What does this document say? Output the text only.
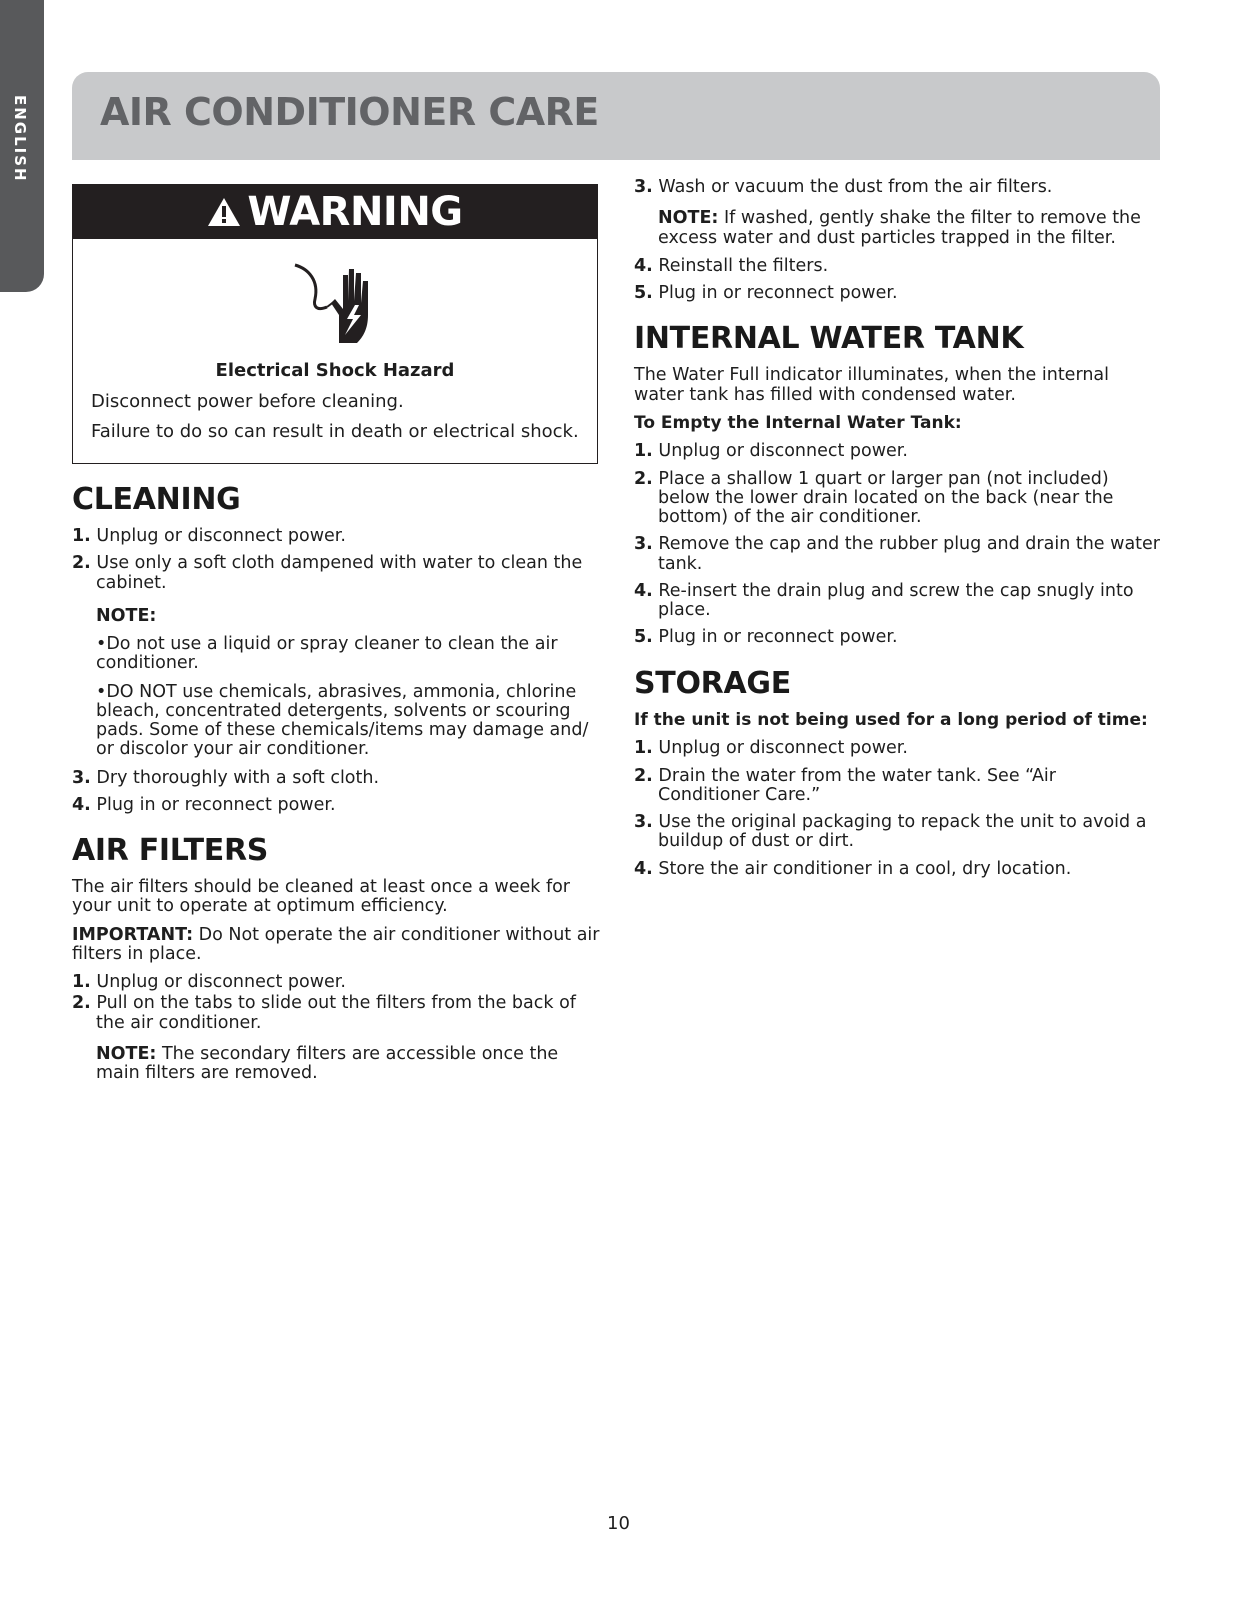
ENGLISH AIR CONDITIONER CARE
WARNING

Electrical Shock Hazard

Disconnect power before cleaning.

Failure to do so can result in death or electrical shock.

CLEANING

1. Unplug or disconnect power.

2. Use only a soft cloth dampened with water to clean the cabinet.

NOTE:

•Do not use a liquid or spray cleaner to clean the air conditioner.

•DO NOT use chemicals, abrasives, ammonia, chlorine bleach, concentrated detergents, solvents or scouring pads. Some of these chemicals/items may damage and/ or discolor your air conditioner.

3. Dry thoroughly with a soft cloth.

4. Plug in or reconnect power.

AIR FILTERS

The air filters should be cleaned at least once a week for your unit to operate at optimum efficiency.

IMPORTANT: Do Not operate the air conditioner without air filters in place.

1. Unplug or disconnect power.

2. Pull on the tabs to slide out the filters from the back of the air conditioner.

NOTE: The secondary filters are accessible once the main filters are removed.

3. Wash or vacuum the dust from the air filters.

NOTE: If washed, gently shake the filter to remove the excess water and dust particles trapped in the filter.

4. Reinstall the filters.

5. Plug in or reconnect power.

INTERNAL WATER TANK

The Water Full indicator illuminates, when the internal water tank has filled with condensed water.

To Empty the Internal Water Tank:

1. Unplug or disconnect power.

2. Place a shallow 1 quart or larger pan (not included) below the lower drain located on the back (near the bottom) of the air conditioner.

3. Remove the cap and the rubber plug and drain the water tank.

4. Re-insert the drain plug and screw the cap snugly into place.

5. Plug in or reconnect power.

STORAGE

If the unit is not being used for a long period of time:

1. Unplug or disconnect power.

2. Drain the water from the water tank. See “Air Conditioner Care.”

3. Use the original packaging to repack the unit to avoid a buildup of dust or dirt.

4. Store the air conditioner in a cool, dry location.

10
